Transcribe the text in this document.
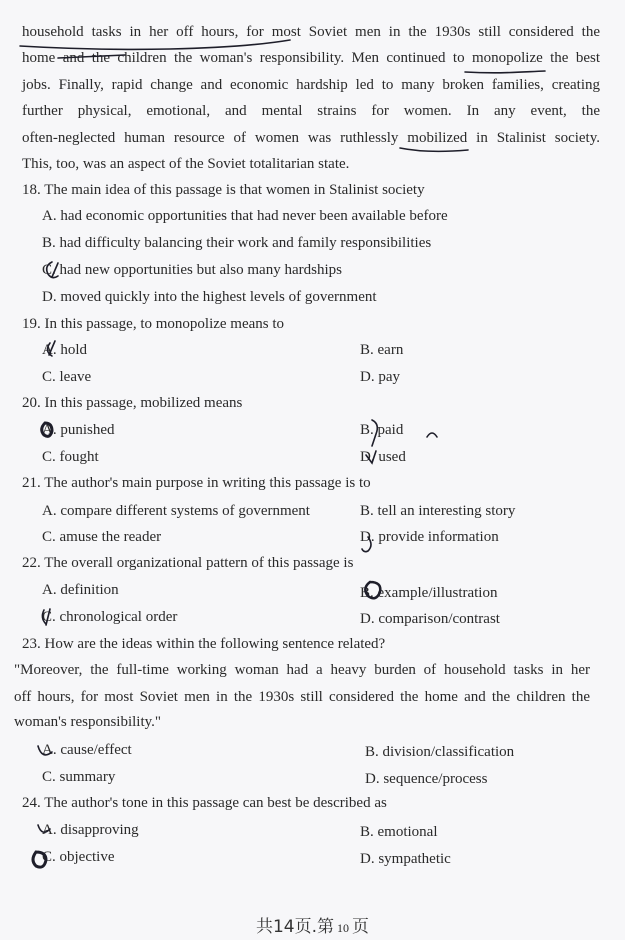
household tasks in her off hours, for most Soviet men in the 1930s still considered the
home and the children the woman's responsibility. Men continued to monopolize the best
jobs. Finally, rapid change and economic hardship led to many broken families, creating
further physical, emotional, and mental strains for women. In any event, the
often-neglected human resource of women was ruthlessly mobilized in Stalinist society.
This, too, was an aspect of the Soviet totalitarian state.
18. The main idea of this passage is that women in Stalinist society
A. had economic opportunities that had never been available before
B. had difficulty balancing their work and family responsibilities
C. had new opportunities but also many hardships
D. moved quickly into the highest levels of government
19. In this passage, to monopolize means to
A. hold	B. earn
C. leave	D. pay
20. In this passage, mobilized means
A. punished	B. paid
C. fought	D. used
21. The author's main purpose in writing this passage is to
A. compare different systems of government	B. tell an interesting story
C. amuse the reader	D. provide information
22. The overall organizational pattern of this passage is
A. definition	B. example/illustration
C. chronological order	D. comparison/contrast
23. How are the ideas within the following sentence related?
"Moreover, the full-time working woman had a heavy burden of household tasks in her
off hours, for most Soviet men in the 1930s still considered the home and the children the
woman's responsibility."
A. cause/effect	B. division/classification
C. summary	D. sequence/process
24. The author's tone in this passage can best be described as
A. disapproving	B. emotional
C. objective	D. sympathetic
共14页.第 10 页
